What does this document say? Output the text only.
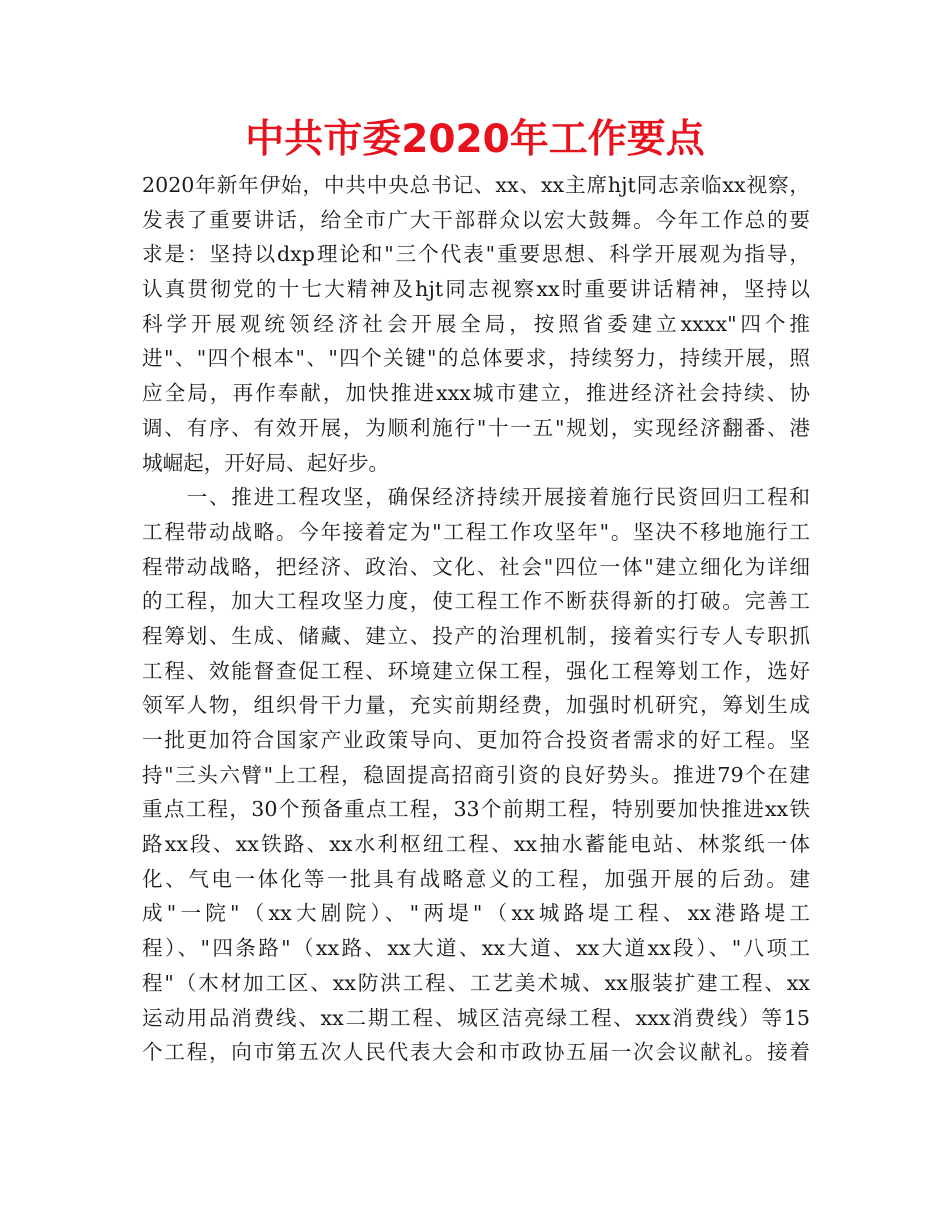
中共市委2020年工作要点
2020年新年伊始，中共中央总书记、xx、xx主席hjt同志亲临xx视察，
发表了重要讲话，给全市广大干部群众以宏大鼓舞。今年工作总的要
求是：坚持以dxp理论和"三个代表"重要思想、科学开展观为指导，
认真贯彻党的十七大精神及hjt同志视察xx时重要讲话精神，坚持以
科学开展观统领经济社会开展全局，按照省委建立xxxx"四个推
进"、"四个根本"、"四个关键"的总体要求，持续努力，持续开展，照
应全局，再作奉献，加快推进xxx城市建立，推进经济社会持续、协
调、有序、有效开展，为顺利施行"十一五"规划，实现经济翻番、港
城崛起，开好局、起好步。
　　一、推进工程攻坚，确保经济持续开展接着施行民资回归工程和
工程带动战略。今年接着定为"工程工作攻坚年"。坚决不移地施行工
程带动战略，把经济、政治、文化、社会"四位一体"建立细化为详细
的工程，加大工程攻坚力度，使工程工作不断获得新的打破。完善工
程筹划、生成、储藏、建立、投产的治理机制，接着实行专人专职抓
工程、效能督查促工程、环境建立保工程，强化工程筹划工作，选好
领军人物，组织骨干力量，充实前期经费，加强时机研究，筹划生成
一批更加符合国家产业政策导向、更加符合投资者需求的好工程。坚
持"三头六臂"上工程，稳固提高招商引资的良好势头。推进79个在建
重点工程，30个预备重点工程，33个前期工程，特别要加快推进xx铁
路xx段、xx铁路、xx水利枢纽工程、xx抽水蓄能电站、林浆纸一体
化、气电一体化等一批具有战略意义的工程，加强开展的后劲。建
成"一院"（xx大剧院）、"两堤"（xx城路堤工程、xx港路堤工
程）、"四条路"（xx路、xx大道、xx大道、xx大道xx段）、"八项工
程"（木材加工区、xx防洪工程、工艺美术城、xx服装扩建工程、xx
运动用品消费线、xx二期工程、城区洁亮绿工程、xxx消费线）等15
个工程，向市第五次人民代表大会和市政协五届一次会议献礼。接着
